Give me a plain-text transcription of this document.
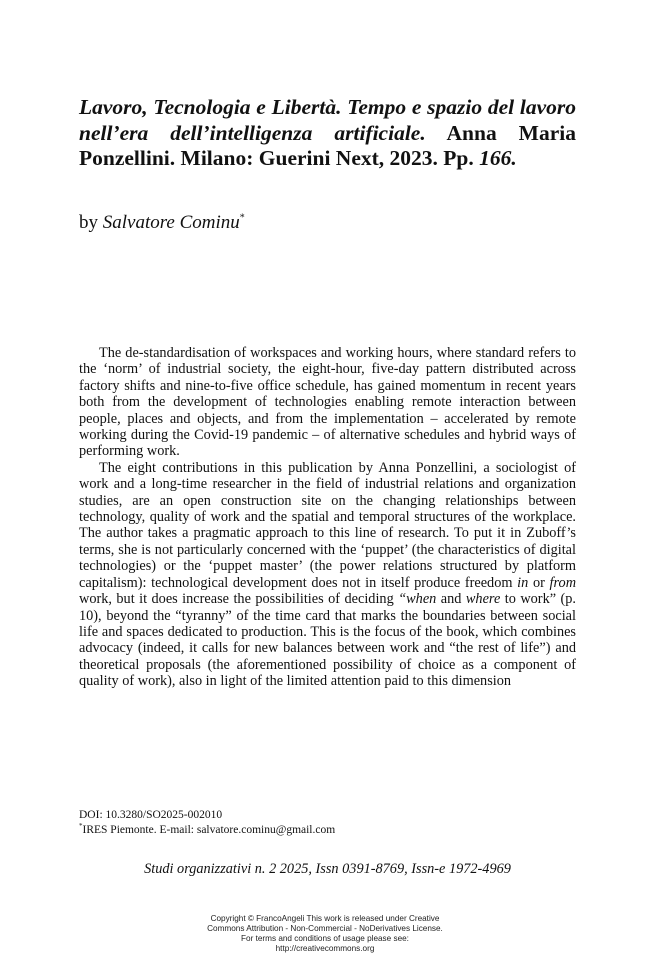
Lavoro, Tecnologia e Libertà. Tempo e spazio del lavoro nell’era dell’intelligenza artificiale. Anna Maria Ponzellini. Milano: Guerini Next, 2023. Pp. 166.

by Salvatore Cominu*

The de-standardisation of workspaces and working hours, where standard refers to the ‘norm’ of industrial society, the eight-hour, five-day pattern distributed across factory shifts and nine-to-five office schedule, has gained momentum in recent years both from the development of technologies enabling remote interaction between people, places and objects, and from the implementation – accelerated by remote working during the Covid-19 pandemic – of alternative schedules and hybrid ways of performing work.

The eight contributions in this publication by Anna Ponzellini, a sociologist of work and a long-time researcher in the field of industrial relations and organization studies, are an open construction site on the changing relationships between technology, quality of work and the spatial and temporal structures of the workplace. The author takes a pragmatic approach to this line of research. To put it in Zuboff’s terms, she is not particularly concerned with the ‘puppet’ (the characteristics of digital technologies) or the ‘puppet master’ (the power relations structured by platform capitalism): technological development does not in itself produce freedom in or from work, but it does increase the possibilities of deciding “when and where to work” (p. 10), beyond the “tyranny” of the time card that marks the boundaries between social life and spaces dedicated to production. This is the focus of the book, which combines advocacy (indeed, it calls for new balances between work and “the rest of life”) and theoretical proposals (the aforementioned possibility of choice as a component of quality of work), also in light of the limited attention paid to this dimension

DOI: 10.3280/SO2025-002010
*IRES Piemonte. E-mail: salvatore.cominu@gmail.com
Studi organizzativi n. 2 2025, Issn 0391-8769, Issn-e 1972-4969
Copyright © FrancoAngeli This work is released under Creative
Commons Attribution - Non-Commercial - NoDerivatives License.
For terms and conditions of usage please see:
http://creativecommons.org
